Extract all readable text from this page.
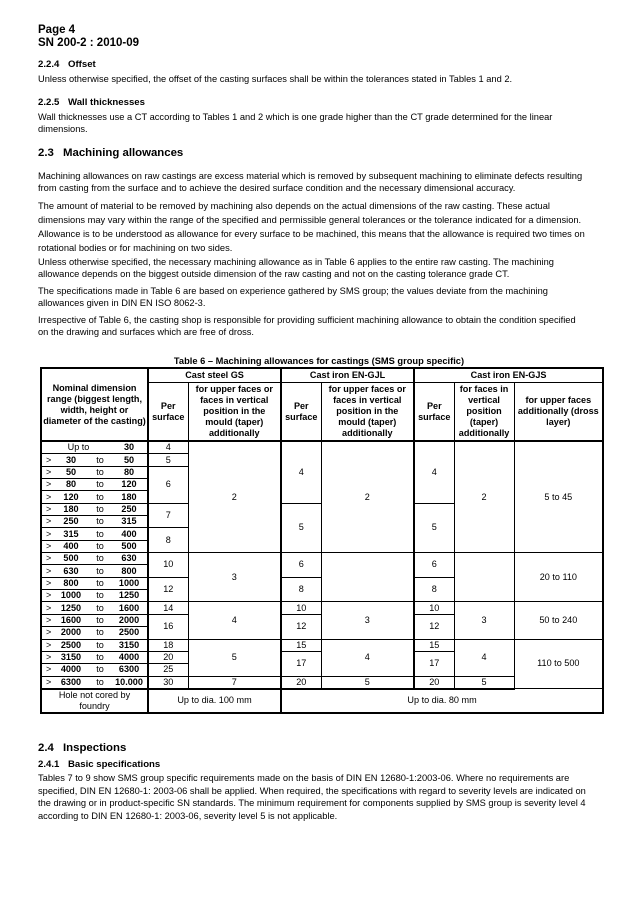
Page 4
SN 200-2 : 2010-09
2.2.4 Offset
Unless otherwise specified, the offset of the casting surfaces shall be within the tolerances stated in Tables 1 and 2.
2.2.5 Wall thicknesses
Wall thicknesses use a CT according to Tables 1 and 2 which is one grade higher than the CT grade determined for the linear dimensions.
2.3 Machining allowances
Machining allowances on raw castings are excess material which is removed by subsequent machining to eliminate defects resulting from casting from the surface and to achieve the desired surface condition and the necessary dimensional accuracy.
The amount of material to be removed by machining also depends on the actual dimensions of the raw casting. These actual dimensions may vary within the range of the specified and permissible general tolerances or the tolerance indicated for a dimension. Allowance is to be understood as allowance for every surface to be machined, this means that the allowance is required two times on rotational bodies or for machining on two sides.
Unless otherwise specified, the necessary machining allowance as in Table 6 applies to the entire raw casting. The machining allowance depends on the biggest outside dimension of the raw casting and not on the casting tolerance grade CT.
The specifications made in Table 6 are based on experience gathered by SMS group; the values deviate from the machining allowances given in DIN EN ISO 8062-3.
Irrespective of Table 6, the casting shop is responsible for providing sufficient machining allowance to obtain the condition specified on the drawing and surfaces which are free of dross.
Table 6 – Machining allowances for castings (SMS group specific)
Nominal dimension range (biggest length, width, height or diameter of the casting)				Cast steel GS		Cast iron EN-GJL		Cast iron EN-GJS		
				Per surface	for upper faces or faces in vertical position in the mould (taper) additionally	Per surface	for upper faces or faces in vertical position in the mould (taper) additionally	Per surface	for faces in vertical position (taper) additionally	for upper faces additionally (dross layer)
Up to			30	4	2	4	2	4	2	5 to 45
>	30	to	50	5						
>	50	to	80	6						
>	80	to	120							
>	120	to	180							
>	180	to	250	7		5		5		
>	250	to	315							
>	315	to	400	8						
>	400	to	500							
>	500	to	630	10	3	6		6		20 to 110
>	630	to	800							
>	800	to	1000	12		8		8		
>	1000	to	1250							
>	1250	to	1600	14	4	10	3	10	3	50 to 240
>	1600	to	2000	16		12		12		
>	2000	to	2500							
>	2500	to	3150	18	5	15	4	15	4	110 to 500
>	3150	to	4000	20		17		17		
>	4000	to	6300	25						
>	6300	to	10.000	30	7	20	5	20	5	
Hole not cored by foundry				Up to dia. 100 mm		Up to dia. 80 mm				
2.4 Inspections
2.4.1 Basic specifications
Tables 7 to 9 show SMS group specific requirements made on the basis of DIN EN 12680-1:2003-06. Where no requirements are specified, DIN EN 12680-1: 2003-06 shall be applied. When required, the specifications with regard to severity levels are indicated on the drawing or in product-specific SN standards. The minimum requirement for components supplied by SMS group is severity level 4 according to DIN EN 12680-1: 2003-06, severity level 5 is not applicable.
